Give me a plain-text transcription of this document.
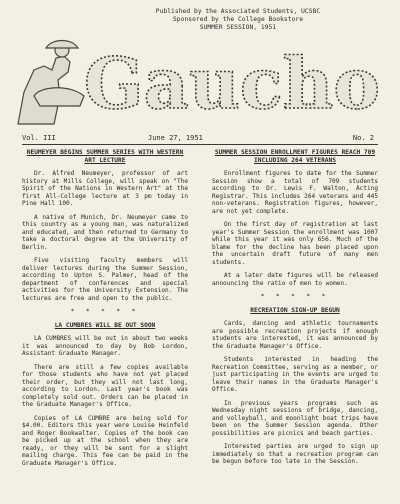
Published by the Associated Students, UCSBC
Sponsored by the College Bookstore
SUMMER SESSION, 1951
Gaucho
Vol. III	June 27, 1951	No. 2
NEUMEYER BEGINS SUMMER SERIES WITH WESTERN ART LECTURE

Dr. Alfred Neumeyer, professor of art history at Mills College, will speak on "The Spirit of the Nations in Western Art" at the first All-College lecture at 3 pm today in Pine Hall 100.

A native of Munich, Dr. Neumeyer came to this country as a young man, was naturalized and educated, and then returned to Germany to take a doctoral degree at the University of Berlin.

Five visiting faculty members will deliver lectures during the Summer Session, according to Upton S. Palmer, head of the department of conferences and special activities for the University Extension. The lectures are free and open to the public.

* * * * *
LA CUMBRES WILL BE OUT SOON

LA CUMBRES will be out in about two weeks it was announced to day by Bob Lordon, Assistant Graduate Manager.

There are still a few copies available for those students who have not yet placed their order, but they will not last long, according to Lordon. Last year's book was completely sold out. Orders can be placed in the Graduate Manager's Office.

Copies of LA CUMBRE are being sold for $4.00. Editors this year were Louise Heinfeld and Roger Bookwalter. Copies of the book can be picked up at the school when they are ready, or they will be sent for a slight mailing charge. This fee can be paid in the Graduate Manager's Office.

SUMMER SESSION ENROLLMENT FIGURES REACH 709 INCLUDING 264 VETERANS

Enrollment figures to date for the Summer Session show a total of 709 students according to Dr. Lewis F. Walton, Acting Registrar. This includes 264 veterans and 445 non-veterans. Registration figures, however, are not yet complete.

On the first day of registration at last year's Summer Session the enrollment was 1007 while this year it was only 656. Much of the blame for the decline has been placed upon the uncertain draft future of many men students.

At a later date figures will be released announcing the ratio of men to women.

* * * * *
RECREATION SIGN-UP BEGUN

Cards, dancing and athletic tournaments are possible recreation projects if enough students are interested, it was announced by the Graduate Manager's Office.

Students interested in heading the Recreation Committee, serving as a member, or just participating in the events are urged to leave their names in the Graduate Manager's Office.

In previous years programs such as Wednesday night sessions of bridge, dancing, and volleyball, and moonlight boat trips have been on the Summer Session agenda. Other possibilities are picnics and beach parties.

Interested parties are urged to sign up immediately so that a recreation program can be begun before too late in the Session.
